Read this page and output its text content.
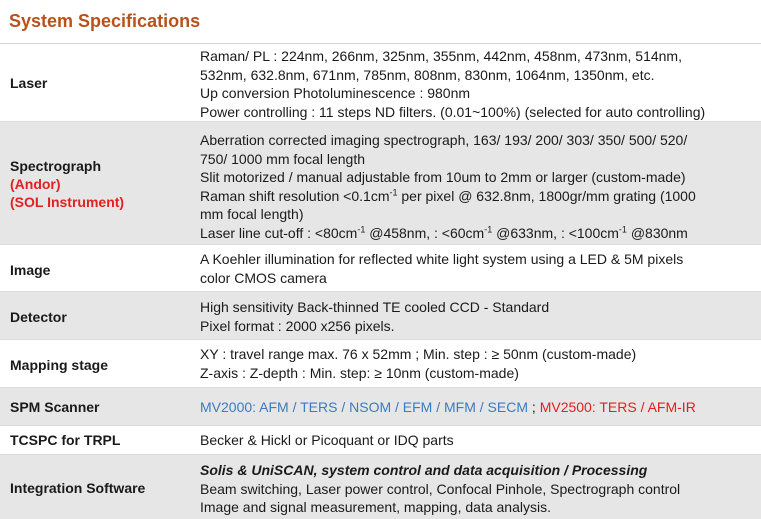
System Specifications
Laser
Raman/ PL : 224nm, 266nm, 325nm, 355nm, 442nm, 458nm, 473nm, 514nm,
532nm, 632.8nm, 671nm, 785nm, 808nm, 830nm, 1064nm, 1350nm, etc.
Up conversion Photoluminescence : 980nm
Power controlling : 11 steps ND filters. (0.01~100%) (selected for auto controlling)
Spectrograph
(Andor)
(SOL Instrument)
Aberration corrected imaging spectrograph, 163/ 193/ 200/ 303/ 350/ 500/ 520/
750/ 1000 mm focal length
Slit motorized / manual adjustable from 10um to 2mm or larger (custom-made)
Raman shift resolution $<0.1cm^{-1}$ per pixel @ 632.8nm, 1800gr/mm grating (1000
mm focal length)
Laser line cut-off : $<80cm^{-1}$ @458nm, : $<60cm^{-1}$ @633nm, : $<100cm^{-1}$ @830nm
Image
A Koehler illumination for reflected white light system using a LED & 5M pixels
color CMOS camera
Detector
High sensitivity Back-thinned TE cooled CCD - Standard
Pixel format : 2000 x256 pixels.
Mapping stage
XY : travel range max. 76 x 52mm ; Min. step : ≥ 50nm (custom-made)
Z-axis : Z-depth : Min. step: ≥ 10nm (custom-made)
SPM Scanner	MV2000: AFM / TERS / NSOM / EFM / MFM / SECM ; MV2500: TERS / AFM-IR
TCSPC for TRPL	Becker & Hickl or Picoquant or IDQ parts
Integration Software
Solis & UniSCAN, system control and data acquisition / Processing
Beam switching, Laser power control, Confocal Pinhole, Spectrograph control
Image and signal measurement, mapping, data analysis.
